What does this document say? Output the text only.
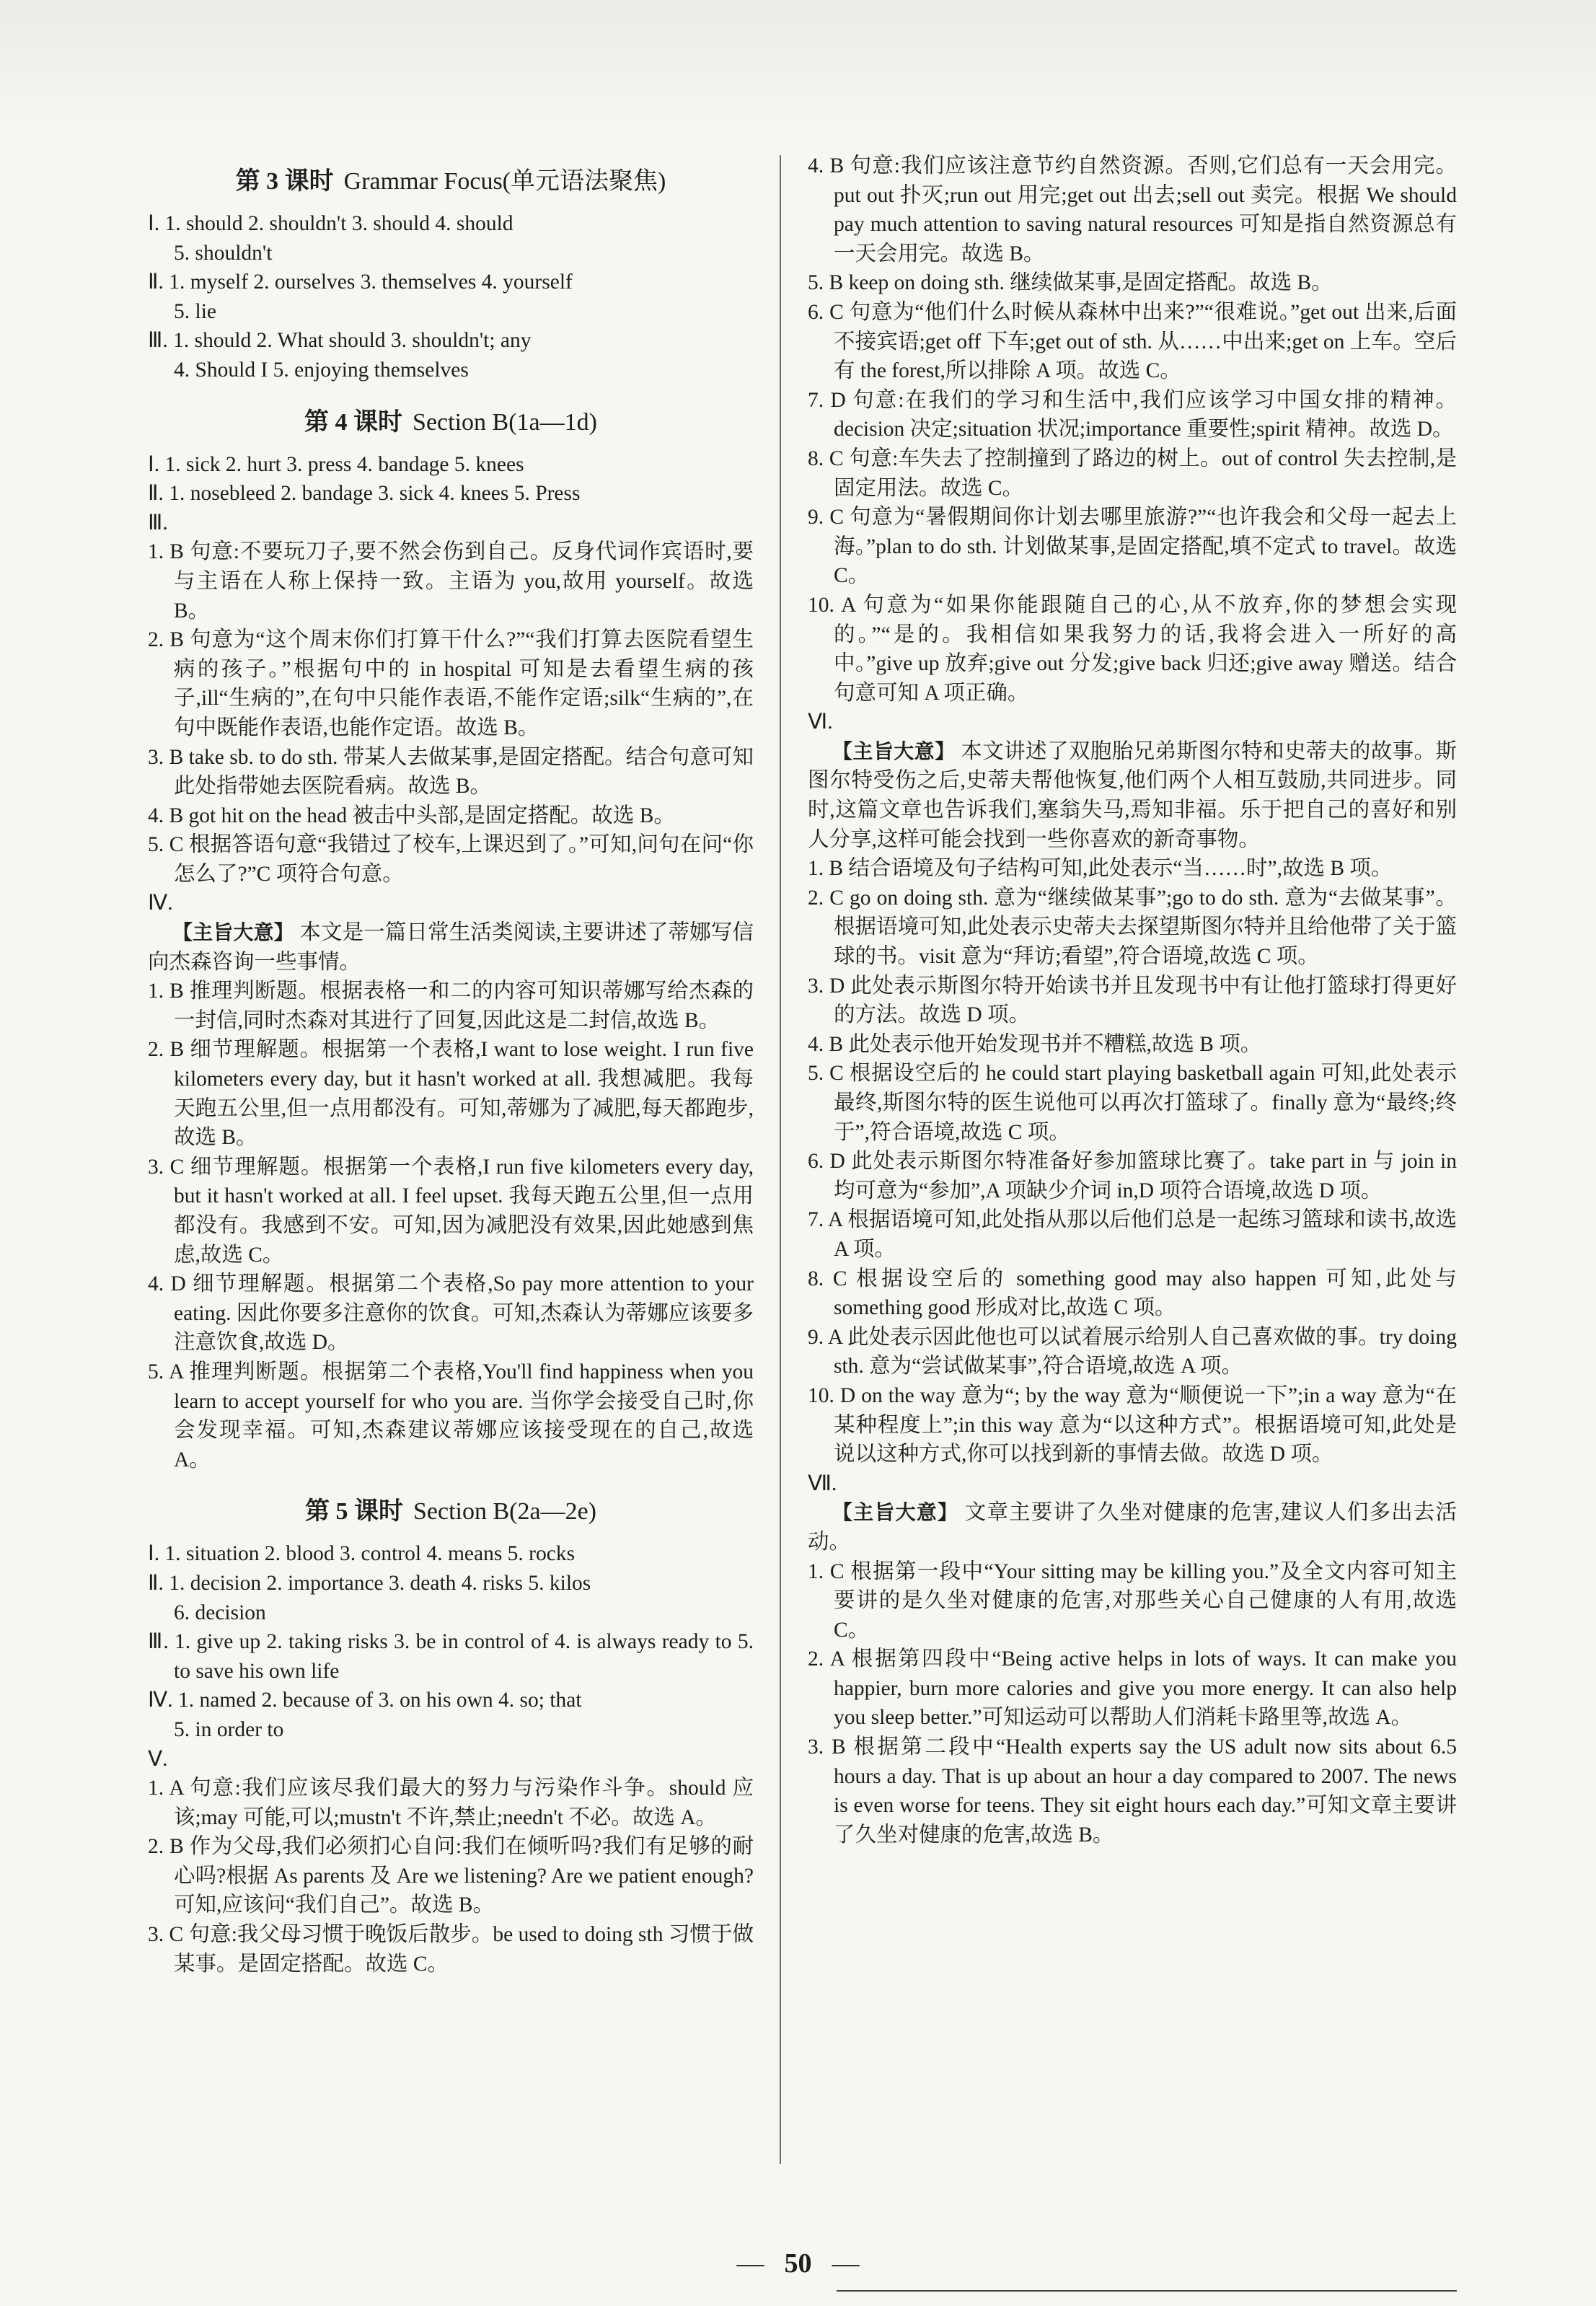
第 3 课时 Grammar Focus(单元语法聚焦)

Ⅰ. 1. should 2. shouldn't 3. should 4. should

5. shouldn't

Ⅱ. 1. myself 2. ourselves 3. themselves 4. yourself

5. lie

Ⅲ. 1. should 2. What should 3. shouldn't; any

4. Should I 5. enjoying themselves

第 4 课时 Section B(1a—1d)

Ⅰ. 1. sick 2. hurt 3. press 4. bandage 5. knees

Ⅱ. 1. nosebleed 2. bandage 3. sick 4. knees 5. Press

Ⅲ.

1. B 句意:不要玩刀子,要不然会伤到自己。反身代词作宾语时,要与主语在人称上保持一致。主语为 you,故用 yourself。故选 B。

2. B 句意为“这个周末你们打算干什么?”“我们打算去医院看望生病的孩子。”根据句中的 in hospital 可知是去看望生病的孩子,ill“生病的”,在句中只能作表语,不能作定语;silk“生病的”,在句中既能作表语,也能作定语。故选 B。

3. B take sb. to do sth. 带某人去做某事,是固定搭配。结合句意可知此处指带她去医院看病。故选 B。

4. B got hit on the head 被击中头部,是固定搭配。故选 B。

5. C 根据答语句意“我错过了校车,上课迟到了。”可知,问句在问“你怎么了?”C 项符合句意。

Ⅳ.

【主旨大意】 本文是一篇日常生活类阅读,主要讲述了蒂娜写信向杰森咨询一些事情。

1. B 推理判断题。根据表格一和二的内容可知识蒂娜写给杰森的一封信,同时杰森对其进行了回复,因此这是二封信,故选 B。

2. B 细节理解题。根据第一个表格,I want to lose weight. I run five kilometers every day, but it hasn't worked at all. 我想减肥。我每天跑五公里,但一点用都没有。可知,蒂娜为了减肥,每天都跑步,故选 B。

3. C 细节理解题。根据第一个表格,I run five kilometers every day, but it hasn't worked at all. I feel upset. 我每天跑五公里,但一点用都没有。我感到不安。可知,因为减肥没有效果,因此她感到焦虑,故选 C。

4. D 细节理解题。根据第二个表格,So pay more attention to your eating. 因此你要多注意你的饮食。可知,杰森认为蒂娜应该要多注意饮食,故选 D。

5. A 推理判断题。根据第二个表格,You'll find happiness when you learn to accept yourself for who you are. 当你学会接受自己时,你会发现幸福。可知,杰森建议蒂娜应该接受现在的自己,故选 A。

第 5 课时 Section B(2a—2e)

Ⅰ. 1. situation 2. blood 3. control 4. means 5. rocks

Ⅱ. 1. decision 2. importance 3. death 4. risks 5. kilos

6. decision

Ⅲ. 1. give up 2. taking risks 3. be in control of 4. is always ready to 5. to save his own life

Ⅳ. 1. named 2. because of 3. on his own 4. so; that

5. in order to

Ⅴ.

1. A 句意:我们应该尽我们最大的努力与污染作斗争。should 应该;may 可能,可以;mustn't 不许,禁止;needn't 不必。故选 A。

2. B 作为父母,我们必须扪心自问:我们在倾听吗?我们有足够的耐心吗?根据 As parents 及 Are we listening? Are we patient enough? 可知,应该问“我们自己”。故选 B。

3. C 句意:我父母习惯于晚饭后散步。be used to doing sth 习惯于做某事。是固定搭配。故选 C。

4. B 句意:我们应该注意节约自然资源。否则,它们总有一天会用完。put out 扑灭;run out 用完;get out 出去;sell out 卖完。根据 We should pay much attention to saving natural resources 可知是指自然资源总有一天会用完。故选 B。

5. B keep on doing sth. 继续做某事,是固定搭配。故选 B。

6. C 句意为“他们什么时候从森林中出来?”“很难说。”get out 出来,后面不接宾语;get off 下车;get out of sth. 从……中出来;get on 上车。空后有 the forest,所以排除 A 项。故选 C。

7. D 句意:在我们的学习和生活中,我们应该学习中国女排的精神。decision 决定;situation 状况;importance 重要性;spirit 精神。故选 D。

8. C 句意:车失去了控制撞到了路边的树上。out of control 失去控制,是固定用法。故选 C。

9. C 句意为“暑假期间你计划去哪里旅游?”“也许我会和父母一起去上海。”plan to do sth. 计划做某事,是固定搭配,填不定式 to travel。故选 C。

10. A 句意为“如果你能跟随自己的心,从不放弃,你的梦想会实现的。”“是的。我相信如果我努力的话,我将会进入一所好的高中。”give up 放弃;give out 分发;give back 归还;give away 赠送。结合句意可知 A 项正确。

Ⅵ.

【主旨大意】 本文讲述了双胞胎兄弟斯图尔特和史蒂夫的故事。斯图尔特受伤之后,史蒂夫帮他恢复,他们两个人相互鼓励,共同进步。同时,这篇文章也告诉我们,塞翁失马,焉知非福。乐于把自己的喜好和别人分享,这样可能会找到一些你喜欢的新奇事物。

1. B 结合语境及句子结构可知,此处表示“当……时”,故选 B 项。

2. C go on doing sth. 意为“继续做某事”;go to do sth. 意为“去做某事”。根据语境可知,此处表示史蒂夫去探望斯图尔特并且给他带了关于篮球的书。visit 意为“拜访;看望”,符合语境,故选 C 项。

3. D 此处表示斯图尔特开始读书并且发现书中有让他打篮球打得更好的方法。故选 D 项。

4. B 此处表示他开始发现书并不糟糕,故选 B 项。

5. C 根据设空后的 he could start playing basketball again 可知,此处表示最终,斯图尔特的医生说他可以再次打篮球了。finally 意为“最终;终于”,符合语境,故选 C 项。

6. D 此处表示斯图尔特准备好参加篮球比赛了。take part in 与 join in 均可意为“参加”,A 项缺少介词 in,D 项符合语境,故选 D 项。

7. A 根据语境可知,此处指从那以后他们总是一起练习篮球和读书,故选 A 项。

8. C 根据设空后的 something good may also happen 可知,此处与 something good 形成对比,故选 C 项。

9. A 此处表示因此他也可以试着展示给别人自己喜欢做的事。try doing sth. 意为“尝试做某事”,符合语境,故选 A 项。

10. D on the way 意为“; by the way 意为“顺便说一下”;in a way 意为“在某种程度上”;in this way 意为“以这种方式”。根据语境可知,此处是说以这种方式,你可以找到新的事情去做。故选 D 项。

Ⅶ.

【主旨大意】 文章主要讲了久坐对健康的危害,建议人们多出去活动。

1. C 根据第一段中“Your sitting may be killing you.”及全文内容可知主要讲的是久坐对健康的危害,对那些关心自己健康的人有用,故选 C。

2. A 根据第四段中“Being active helps in lots of ways. It can make you happier, burn more calories and give you more energy. It can also help you sleep better.”可知运动可以帮助人们消耗卡路里等,故选 A。

3. B 根据第二段中“Health experts say the US adult now sits about 6.5 hours a day. That is up about an hour a day compared to 2007. The news is even worse for teens. They sit eight hours each day.”可知文章主要讲了久坐对健康的危害,故选 B。

— 50 —
